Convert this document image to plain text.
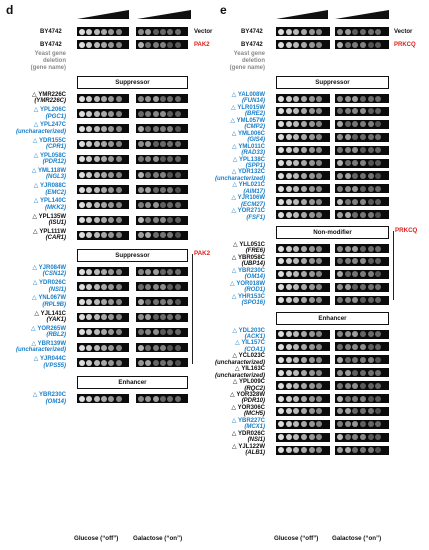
d
BY4742	Vector
BY4742	PAK2
Yeast gene
deletion
(gene name)
Glucose (“off”) Galactose (“on”)
Suppressor
△ YMR226C
(YMR226C)
△ YPL206C
(PGC1)
△ YPL247C
(uncharacterized)
△ YDR155C
(CPR1)
△ YPL058C
(PDR12)
△ YML118W
(NGL3)
△ YJR088C
(EMC2)
△ YPL140C
(MKK2)
△ YPL135W
(ISU1)
△ YPL111W
(CAR1)
Suppressor
△ YJR084W
(CSN12)
△ YDR026C
(NSI1)
△ YNL067W
(RPL9B)
△ YJL141C
(YAK1)
△ YOR265W
(RBL2)
△ YBR139W
(uncharacterized)
△ YJR044C
(VPS55)
PAK2
Enhancer
△ YBR230C
(OM14)
e
BY4742	Vector
BY4742	PRKCQ
Yeast gene
deletion
(gene name)
Glucose (“off”) Galactose (“on”)
Suppressor
△ YAL008W
(FUN14)
△ YLR015W
(BRE2)
△ YML057W
(CMP2)
△ YML006C
(GIS4)
△ YML011C
(RAD33)
△ YPL138C
(SPP1)
△ YDR132C
(uncharacterized)
△ YHL021C
(AIM17)
△ YJR106W
(ECM27)
△ YOR271C
(FSF1)
Non-modifier
△ YLL051C
(FRE6)
△ YBR058C
(UBP14)
△ YBR230C
(OM14)
△ YOR018W
(ROD1)
△ YHR153C
(SPO16)
PRKCQ
Enhancer
△ YDL203C
(ACK1)
△ YIL157C
(COA1)
△ YCL023C
(uncharacterized)
△ YIL163C
(uncharacterized)
△ YPL009C
(RQC2)
△ YOR328W
(PDR10)
△ YOR306C
(MCH5)
△ YBR227C
(MCX1)
△ YDR026C
(NSI1)
△ YJL122W
(ALB1)
